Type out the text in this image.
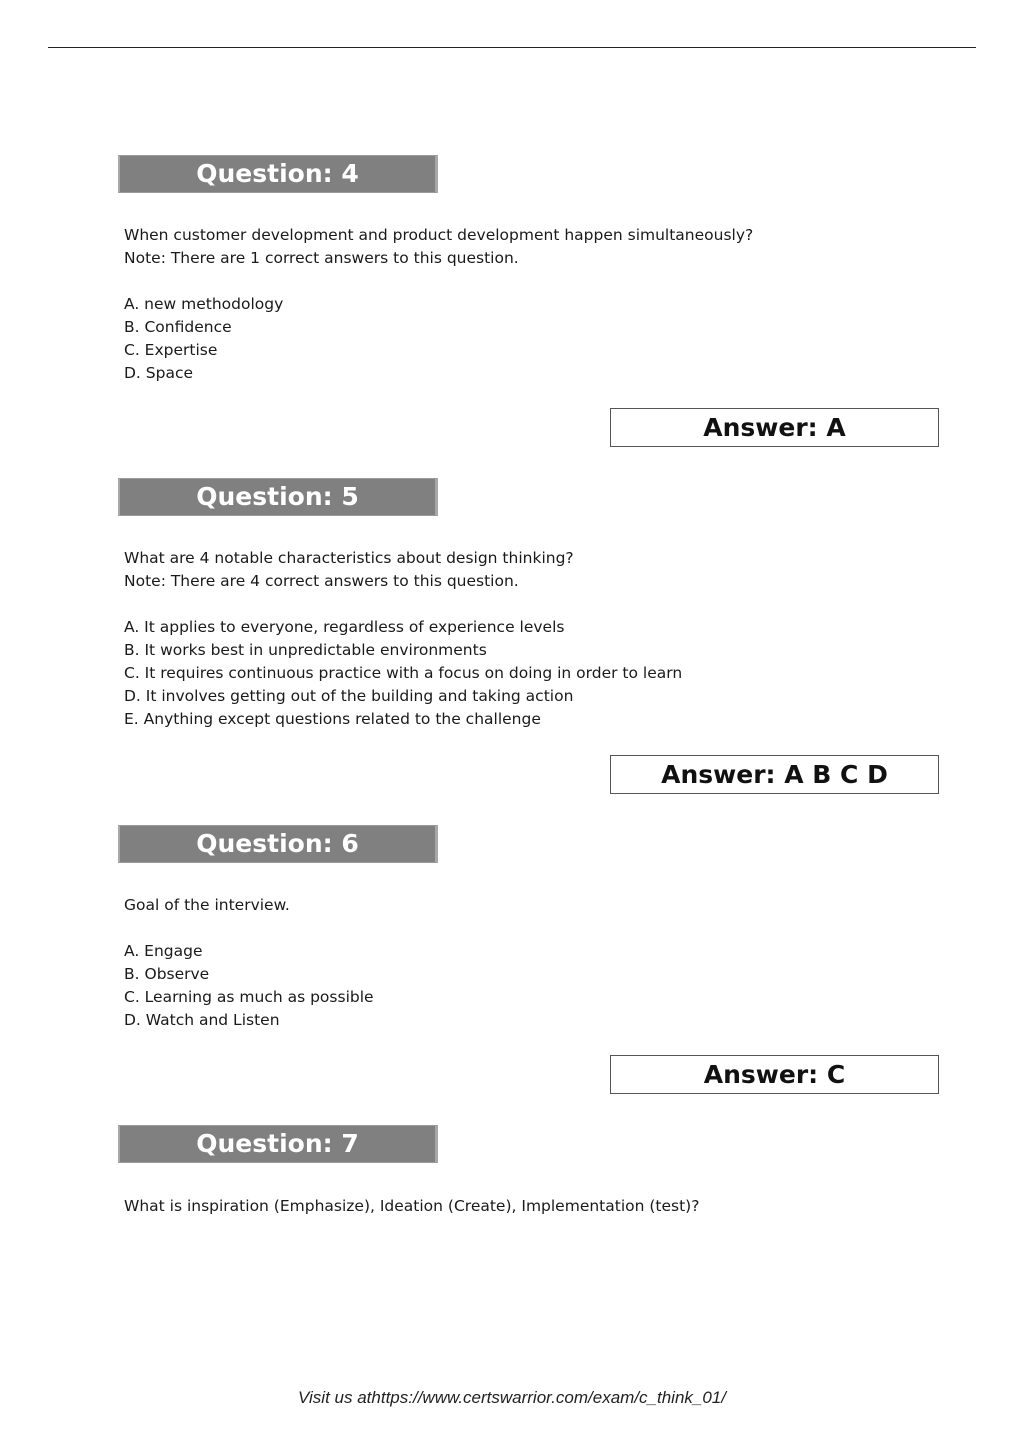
Question: 4
When customer development and product development happen simultaneously?
Note: There are 1 correct answers to this question.
A. new methodology
B. Confidence
C. Expertise
D. Space
Answer: A
Question: 5
What are 4 notable characteristics about design thinking?
Note: There are 4 correct answers to this question.
A. It applies to everyone, regardless of experience levels
B. It works best in unpredictable environments
C. It requires continuous practice with a focus on doing in order to learn
D. It involves getting out of the building and taking action
E. Anything except questions related to the challenge
Answer: A B C D
Question: 6
Goal of the interview.
A. Engage
B. Observe
C. Learning as much as possible
D. Watch and Listen
Answer: C
Question: 7
What is inspiration (Emphasize), Ideation (Create), Implementation (test)?
Visit us athttps://www.certswarrior.com/exam/c_think_01/
